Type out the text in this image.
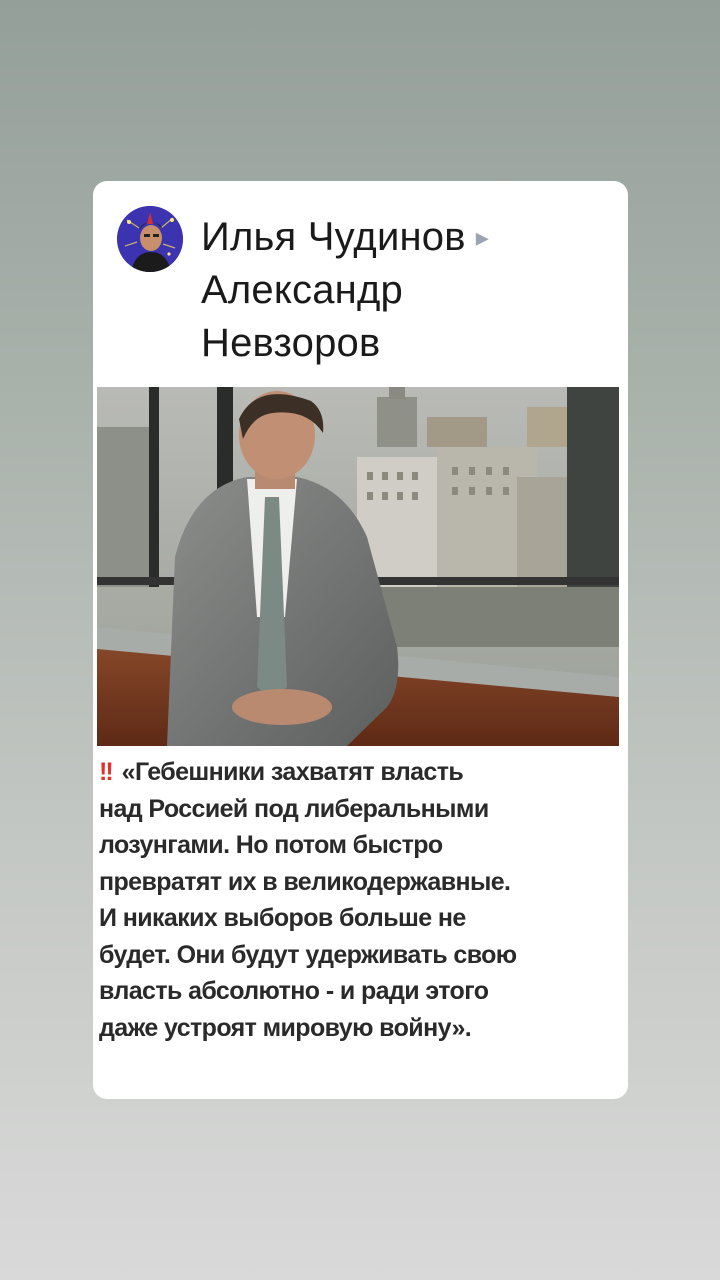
Илья Чудинов ▸
Александр
Невзоров
!! «Гебешники захватят власть
над Россией под либеральными
лозунгами. Но потом быстро
превратят их в великодержавные.
И никаких выборов больше не
будет. Они будут удерживать свою
власть абсолютно - и ради этого
даже устроят мировую войну».
